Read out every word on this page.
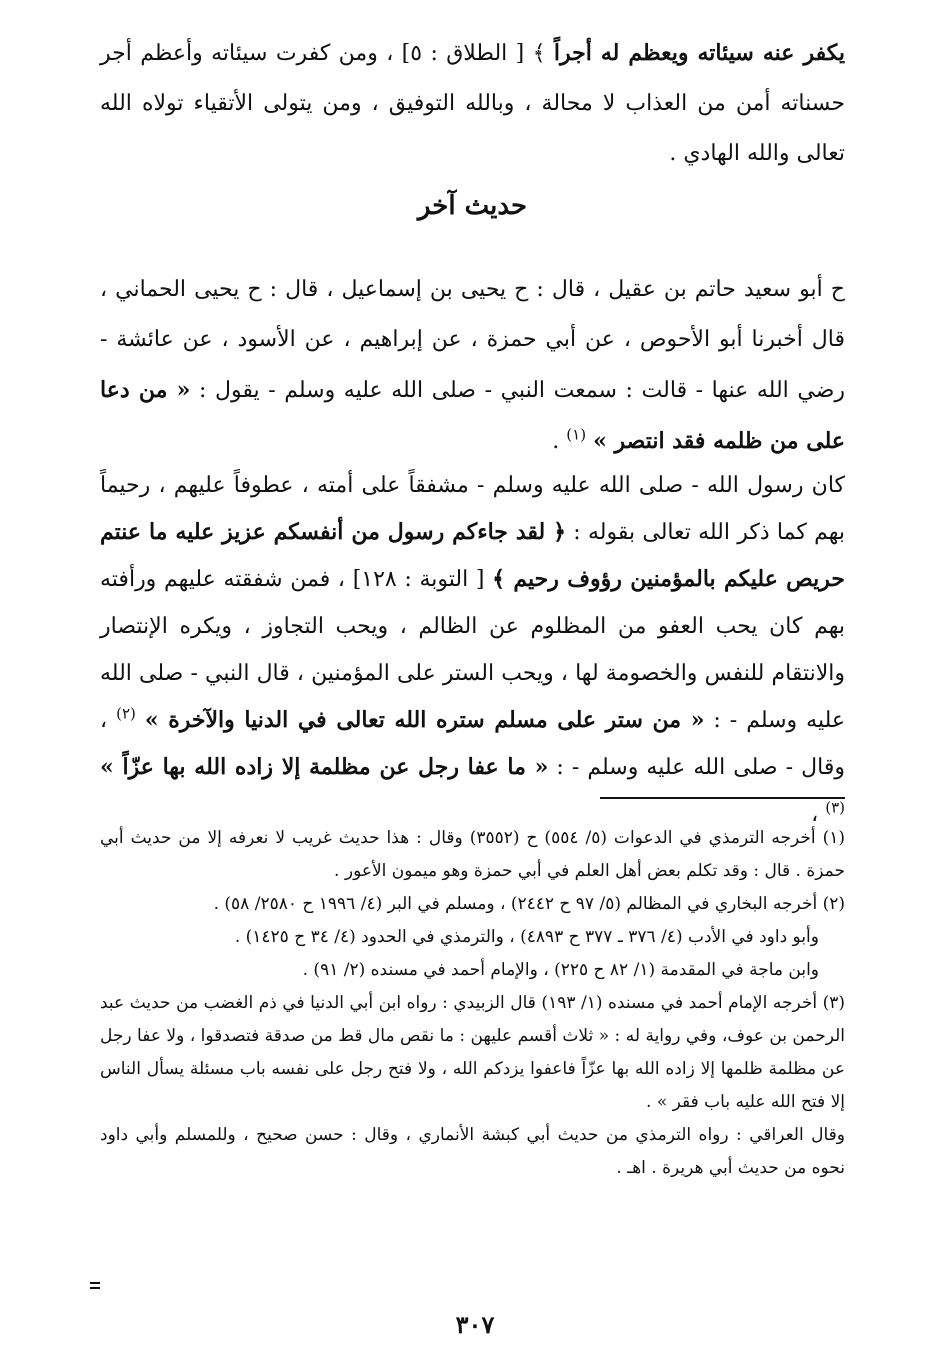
يكفر عنه سيئاته ويعظم له أجراً ﴾ [ الطلاق : ٥] ، ومن كفرت سيئاته وأعظم أجر حسناته أمن من العذاب لا محالة ، وبالله التوفيق ، ومن يتولى الأتقياء تولاه الله تعالى والله الهادي .

حديث آخر

ح أبو سعيد حاتم بن عقيل ، قال : ح يحيى بن إسماعيل ، قال : ح يحيى الحماني ، قال أخبرنا أبو الأحوص ، عن أبي حمزة ، عن إبراهيم ، عن الأسود ، عن عائشة - رضي الله عنها - قالت : سمعت النبي - صلى الله عليه وسلم - يقول : « من دعا على من ظلمه فقد انتصر » $^{(١)}$ .

كان رسول الله - صلى الله عليه وسلم - مشفقاً على أمته ، عطوفاً عليهم ، رحيماً بهم كما ذكر الله تعالى بقوله : ﴿ لقد جاءكم رسول من أنفسكم عزيز عليه ما عنتم حريص عليكم بالمؤمنين رؤوف رحيم ﴾ [ التوبة : ١٢٨] ، فمن شفقته عليهم ورأفته بهم كان يحب العفو من المظلوم عن الظالم ، ويحب التجاوز ، ويكره الإنتصار والانتقام للنفس والخصومة لها ، ويحب الستر على المؤمنين ، قال النبي - صلى الله عليه وسلم - : « من ستر على مسلم ستره الله تعالى في الدنيا والآخرة » $^{(٢)}$ ، وقال - صلى الله عليه وسلم - : « ما عفا رجل عن مظلمة إلا زاده الله بها عزّاً » $^{(٣)}$ ،

(١) أخرجه الترمذي في الدعوات (٥/ ٥٥٤) ح (٣٥٥٢) وقال : هذا حديث غريب لا نعرفه إلا من حديث أبي حمزة . قال : وقد تكلم بعض أهل العلم في أبي حمزة وهو ميمون الأعور .

(٢) أخرجه البخاري في المظالم (٥/ ٩٧ ح ٢٤٤٢) ، ومسلم في البر (٤/ ١٩٩٦ ح ٢٥٨٠/ ٥٨) .

وأبو داود في الأدب (٤/ ٣٧٦ ـ ٣٧٧ ح ٤٨٩٣) ، والترمذي في الحدود (٤/ ٣٤ ح ١٤٢٥) .

وابن ماجة في المقدمة (١/ ٨٢ ح ٢٢٥) ، والإمام أحمد في مسنده (٢/ ٩١) .

(٣) أخرجه الإمام أحمد في مسنده (١/ ١٩٣) قال الزبيدي : رواه ابن أبي الدنيا في ذم الغضب من حديث عبد الرحمن بن عوف، وفي رواية له : « ثلاث أقسم عليهن : ما نقص مال قط من صدقة فتصدقوا ، ولا عفا رجل عن مظلمة ظلمها إلا زاده الله بها عزّاً فاعفوا يزدكم الله ، ولا فتح رجل على نفسه باب مسئلة يسأل الناس إلا فتح الله عليه باب فقر » .

وقال العراقي : رواه الترمذي من حديث أبي كبشة الأنماري ، وقال : حسن صحيح ، وللمسلم وأبي داود نحوه من حديث أبي هريرة . اهـ .

٣٠٧
